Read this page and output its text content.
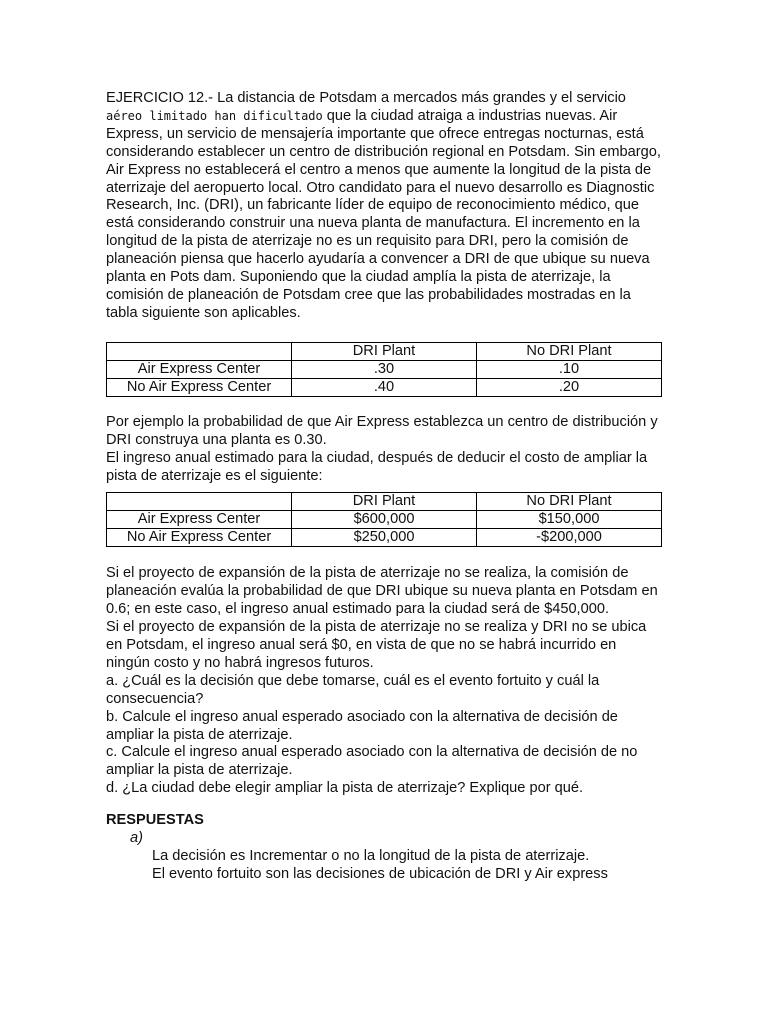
EJERCICIO 12.- La distancia de Potsdam a mercados más grandes y el servicio aéreo limitado han dificultado que la ciudad atraiga a industrias nuevas. Air Express, un servicio de mensajería importante que ofrece entregas nocturnas, está considerando establecer un centro de distribución regional en Potsdam. Sin embargo, Air Express no establecerá el centro a menos que aumente la longitud de la pista de aterrizaje del aeropuerto local. Otro candidato para el nuevo desarrollo es Diagnostic Research, Inc. (DRI), un fabricante líder de equipo de reconocimiento médico, que está considerando construir una nueva planta de manufactura. El incremento en la longitud de la pista de aterrizaje no es un requisito para DRI, pero la comisión de planeación piensa que hacerlo ayudaría a convencer a DRI de que ubique su nueva planta en Pots dam. Suponiendo que la ciudad amplía la pista de aterrizaje, la comisión de planeación de Potsdam cree que las probabilidades mostradas en la tabla siguiente son aplicables.
	DRI Plant	No DRI Plant
Air Express Center	.30	.10
No Air Express Center	.40	.20
Por ejemplo la probabilidad de que Air Express establezca un centro de distribución y DRI construya una planta es 0.30.
El ingreso anual estimado para la ciudad, después de deducir el costo de ampliar la pista de aterrizaje es el siguiente:
	DRI Plant	No DRI Plant
Air Express Center	$600,000	$150,000
No Air Express Center	$250,000	-$200,000
Si el proyecto de expansión de la pista de aterrizaje no se realiza, la comisión de planeación evalúa la probabilidad de que DRI ubique su nueva planta en Potsdam en 0.6; en este caso, el ingreso anual estimado para la ciudad será de $450,000.
Si el proyecto de expansión de la pista de aterrizaje no se realiza y DRI no se ubica en Potsdam, el ingreso anual será $0, en vista de que no se habrá incurrido en ningún costo y no habrá ingresos futuros.
a. ¿Cuál es la decisión que debe tomarse, cuál es el evento fortuito y cuál la consecuencia?
b. Calcule el ingreso anual esperado asociado con la alternativa de decisión de ampliar la pista de aterrizaje.
c. Calcule el ingreso anual esperado asociado con la alternativa de decisión de no ampliar la pista de aterrizaje.
d. ¿La ciudad debe elegir ampliar la pista de aterrizaje? Explique por qué.
RESPUESTAS
a)
La decisión es Incrementar o no la longitud de la pista de aterrizaje.
El evento fortuito son las decisiones de ubicación de DRI y Air express
